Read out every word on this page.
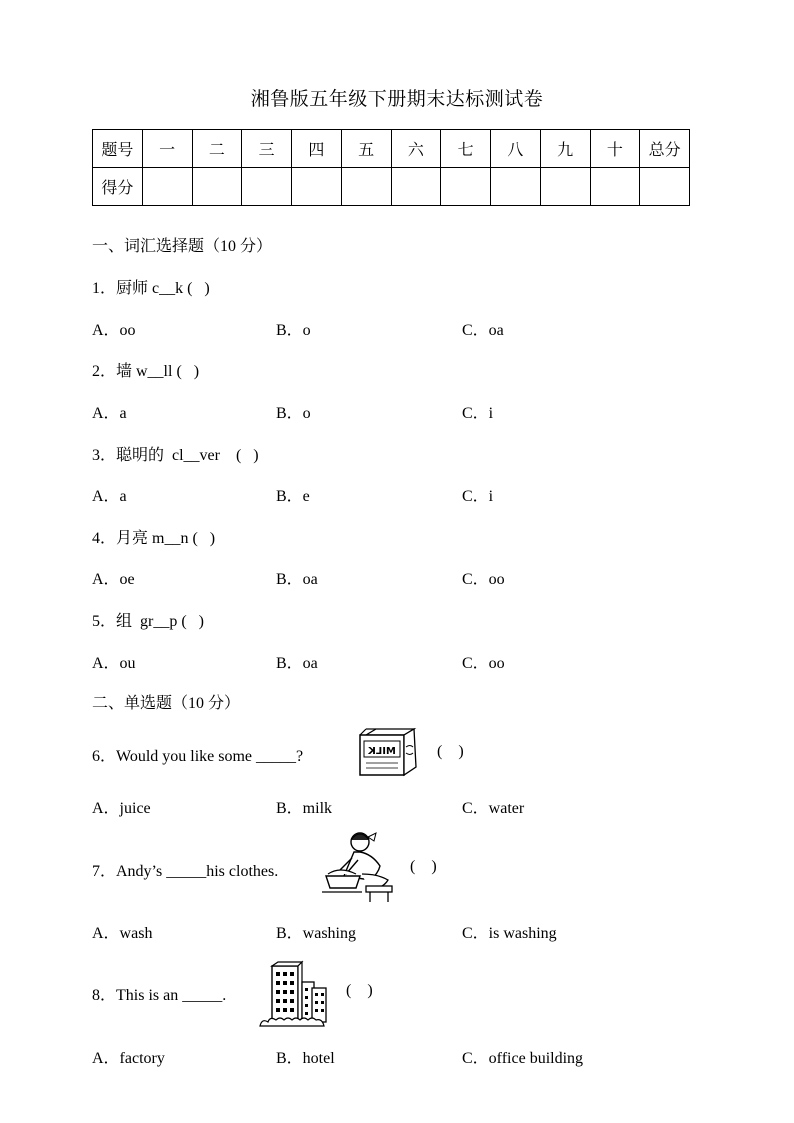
湘鲁版五年级下册期末达标测试卷
题号	一	二	三	四	五	六	七	八	九	十	总分
得分											
一、词汇选择题（10 分）
1．厨师 c__k (   )
A．oo	B．o	C．oa
2．墙 w__ll (   )
A．a	B．o	C．i
3．聪明的  cl__ver    (   )
A．a	B．e	C．i
4．月亮 m__n (   )
A．oe	B．oa	C．oo
5．组  gr__p (   )
A．ou	B．oa	C．oo
二、单选题（10 分）
6．Would you like some _____?	MILK	(    )
A．juice	B．milk	C．water
7．Andy’s _____his clothes.	(    )
A．wash	B．washing	C．is washing
8．This is an _____.	(    )
A．factory	B．hotel	C．office building
